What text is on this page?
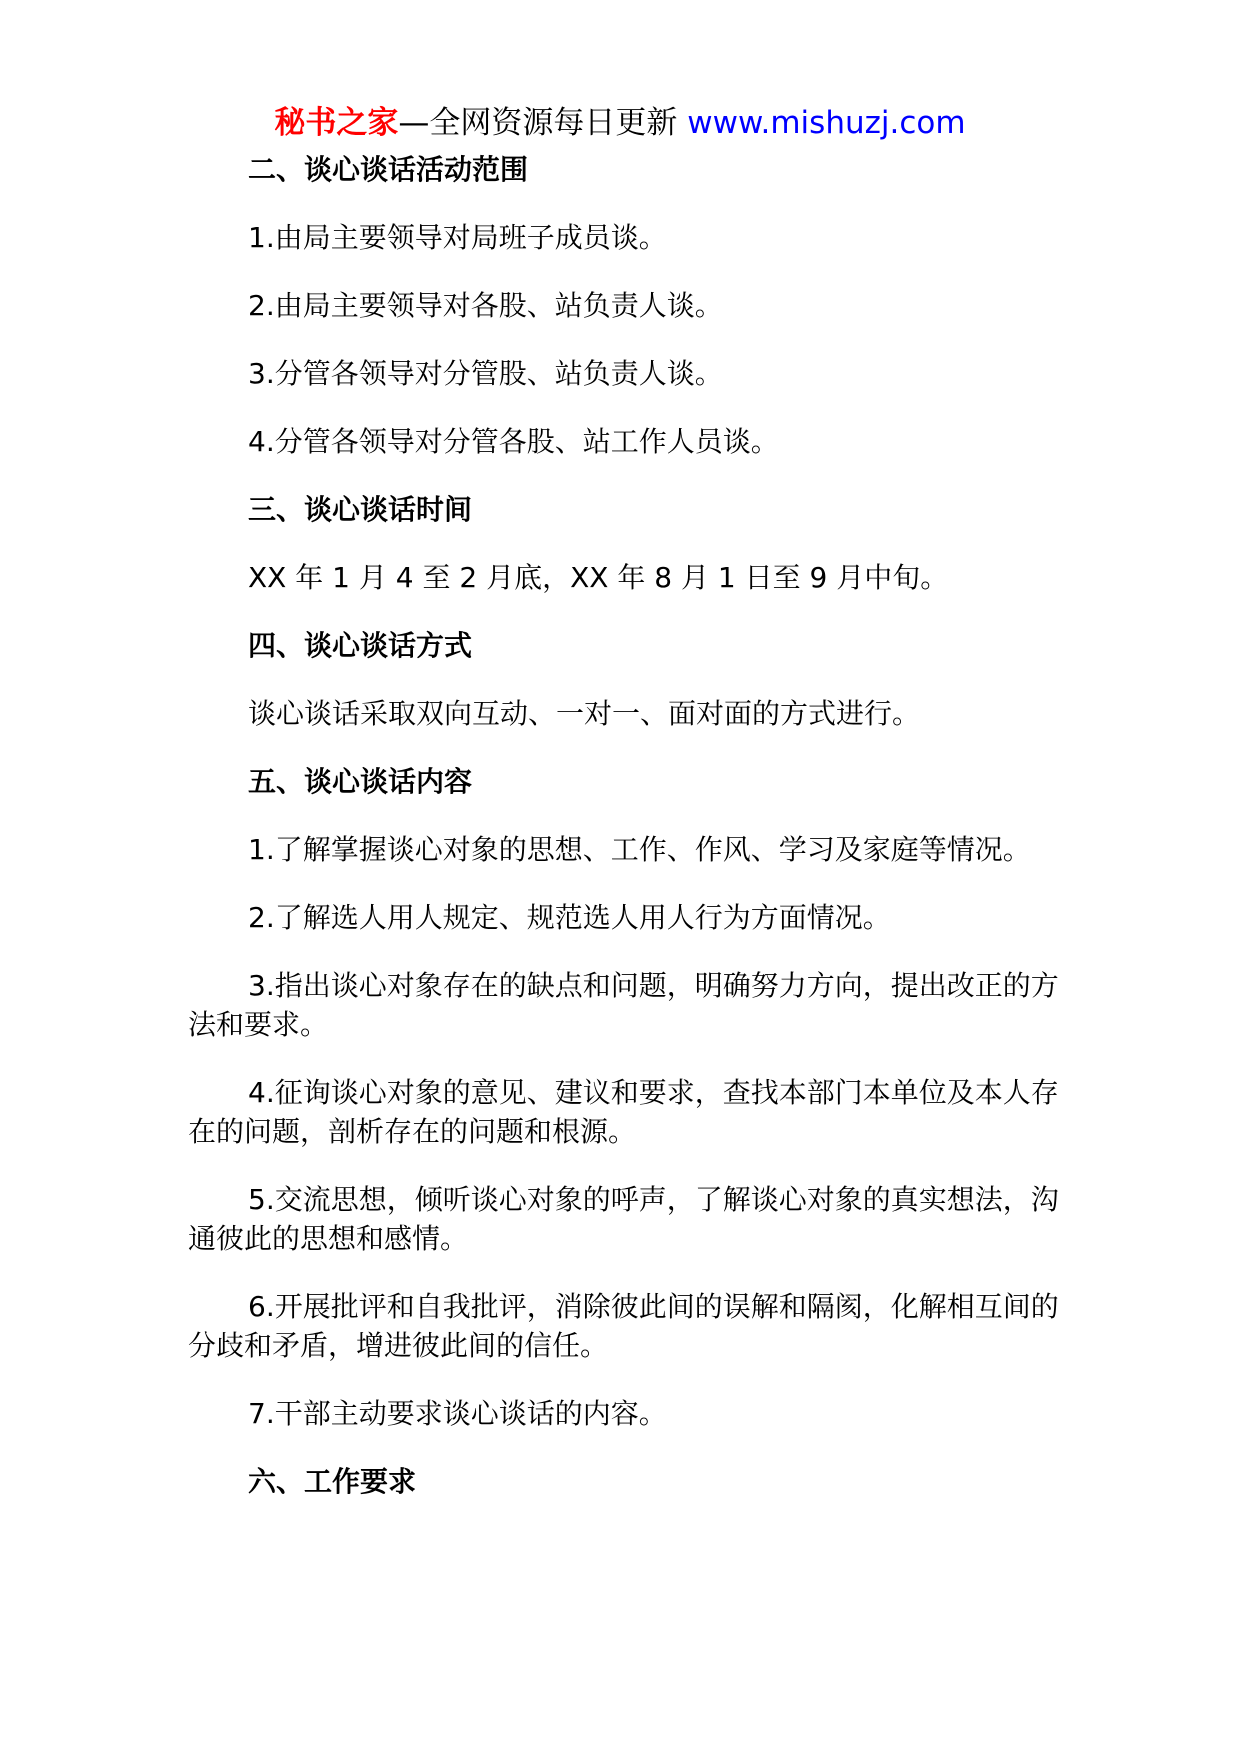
秘书之家—全网资源每日更新 www.mishuzj.com

二、谈心谈话活动范围

1.由局主要领导对局班子成员谈。

2.由局主要领导对各股、站负责人谈。

3.分管各领导对分管股、站负责人谈。

4.分管各领导对分管各股、站工作人员谈。

三、谈心谈话时间

XX 年 1 月 4 至 2 月底，XX 年 8 月 1 日至 9 月中旬。

四、谈心谈话方式

谈心谈话采取双向互动、一对一、面对面的方式进行。

五、谈心谈话内容

1.了解掌握谈心对象的思想、工作、作风、学习及家庭等情况。

2.了解选人用人规定、规范选人用人行为方面情况。

3.指出谈心对象存在的缺点和问题，明确努力方向，提出改正的方法和要求。

4.征询谈心对象的意见、建议和要求，查找本部门本单位及本人存在的问题，剖析存在的问题和根源。

5.交流思想，倾听谈心对象的呼声，了解谈心对象的真实想法，沟通彼此的思想和感情。

6.开展批评和自我批评，消除彼此间的误解和隔阂，化解相互间的分歧和矛盾，增进彼此间的信任。

7.干部主动要求谈心谈话的内容。

六、工作要求
